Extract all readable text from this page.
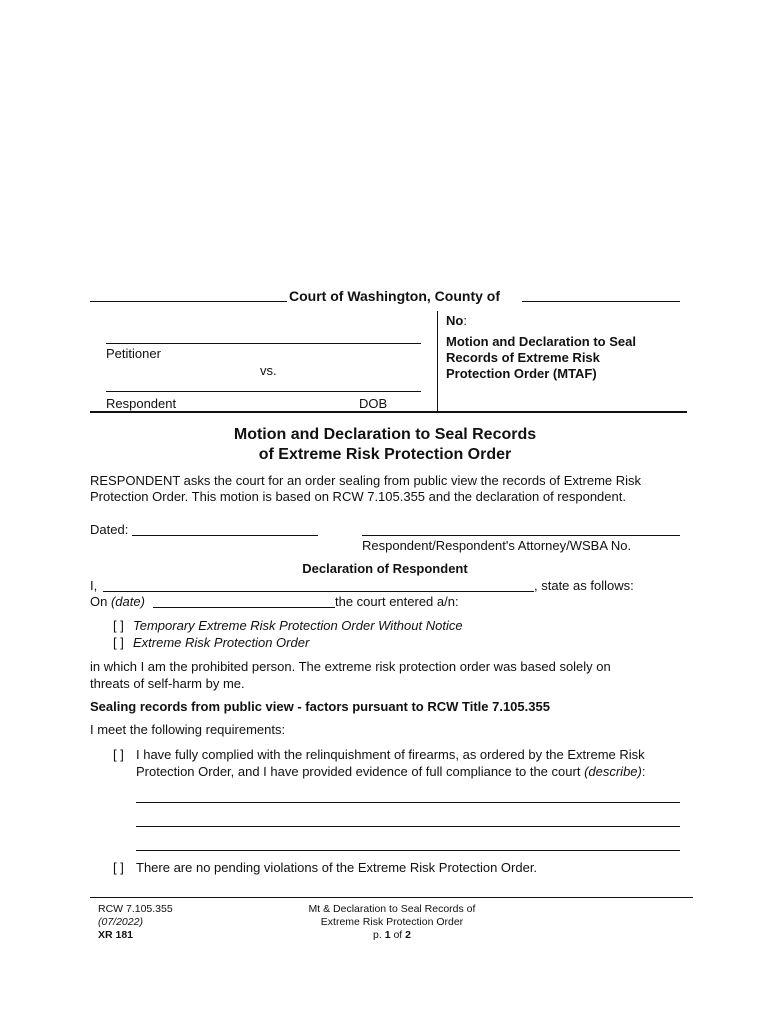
Court of Washington, County of
Petitioner
vs.
Respondent	DOB
No:
Motion and Declaration to Seal
Records of Extreme Risk
Protection Order (MTAF)
Motion and Declaration to Seal Records
of Extreme Risk Protection Order
RESPONDENT asks the court for an order sealing from public view the records of Extreme Risk
Protection Order. This motion is based on RCW 7.105.355 and the declaration of respondent.
Dated:
Respondent/Respondent's Attorney/WSBA No.
Declaration of Respondent
I,	, state as follows:
On (date)	the court entered a/n:
[ ] Temporary Extreme Risk Protection Order Without Notice
[ ] Extreme Risk Protection Order
in which I am the prohibited person. The extreme risk protection order was based solely on
threats of self-harm by me.
Sealing records from public view - factors pursuant to RCW Title 7.105.355
I meet the following requirements:
[ ] I have fully complied with the relinquishment of firearms, as ordered by the Extreme Risk
Protection Order, and I have provided evidence of full compliance to the court (describe):
[ ] There are no pending violations of the Extreme Risk Protection Order.
RCW 7.105.355
(07/2022)
XR 181
Mt & Declaration to Seal Records of
Extreme Risk Protection Order
p. 1 of 2
